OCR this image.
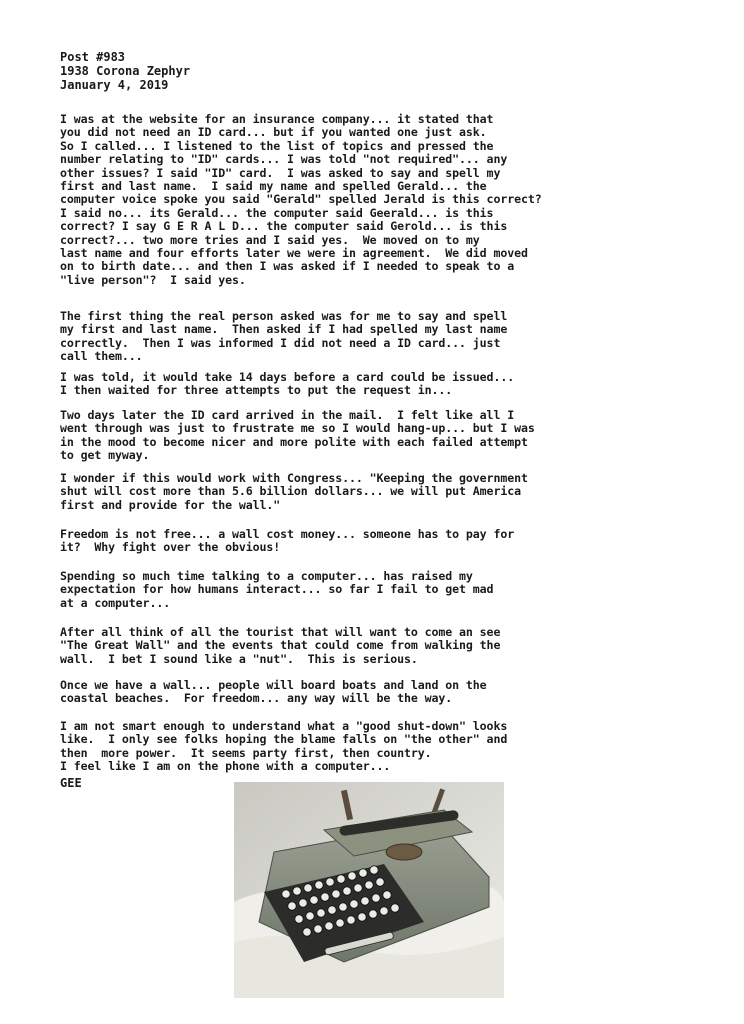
Post #983
1938 Corona Zephyr
January 4, 2019
I was at the website for an insurance company... it stated that
you did not need an ID card... but if you wanted one just ask.
So I called... I listened to the list of topics and pressed the
number relating to "ID" cards... I was told "not required"... any
other issues? I said "ID" card.  I was asked to say and spell my
first and last name.  I said my name and spelled Gerald... the
computer voice spoke you said "Gerald" spelled Jerald is this correct?
I said no... its Gerald... the computer said Geerald... is this
correct? I say G E R A L D... the computer said Gerold... is this
correct?... two more tries and I said yes.  We moved on to my
last name and four efforts later we were in agreement.  We did moved
on to birth date... and then I was asked if I needed to speak to a
"live person"?  I said yes.
The first thing the real person asked was for me to say and spell
my first and last name.  Then asked if I had spelled my last name
correctly.  Then I was informed I did not need a ID card... just
call them...
I was told, it would take 14 days before a card could be issued...
I then waited for three attempts to put the request in...
Two days later the ID card arrived in the mail.  I felt like all I
went through was just to frustrate me so I would hang-up... but I was
in the mood to become nicer and more polite with each failed attempt
to get myway.
I wonder if this would work with Congress... "Keeping the government
shut will cost more than 5.6 billion dollars... we will put America
first and provide for the wall."
Freedom is not free... a wall cost money... someone has to pay for
it?  Why fight over the obvious!
Spending so much time talking to a computer... has raised my
expectation for how humans interact... so far I fail to get mad
at a computer...
After all think of all the tourist that will want to come an see
"The Great Wall" and the events that could come from walking the
wall.  I bet I sound like a "nut".  This is serious.
Once we have a wall... people will board boats and land on the
coastal beaches.  For freedom... any way will be the way.
I am not smart enough to understand what a "good shut-down" looks
like.  I only see folks hoping the blame falls on "the other" and
then  more power.  It seems party first, then country.
I feel like I am on the phone with a computer...
GEE
